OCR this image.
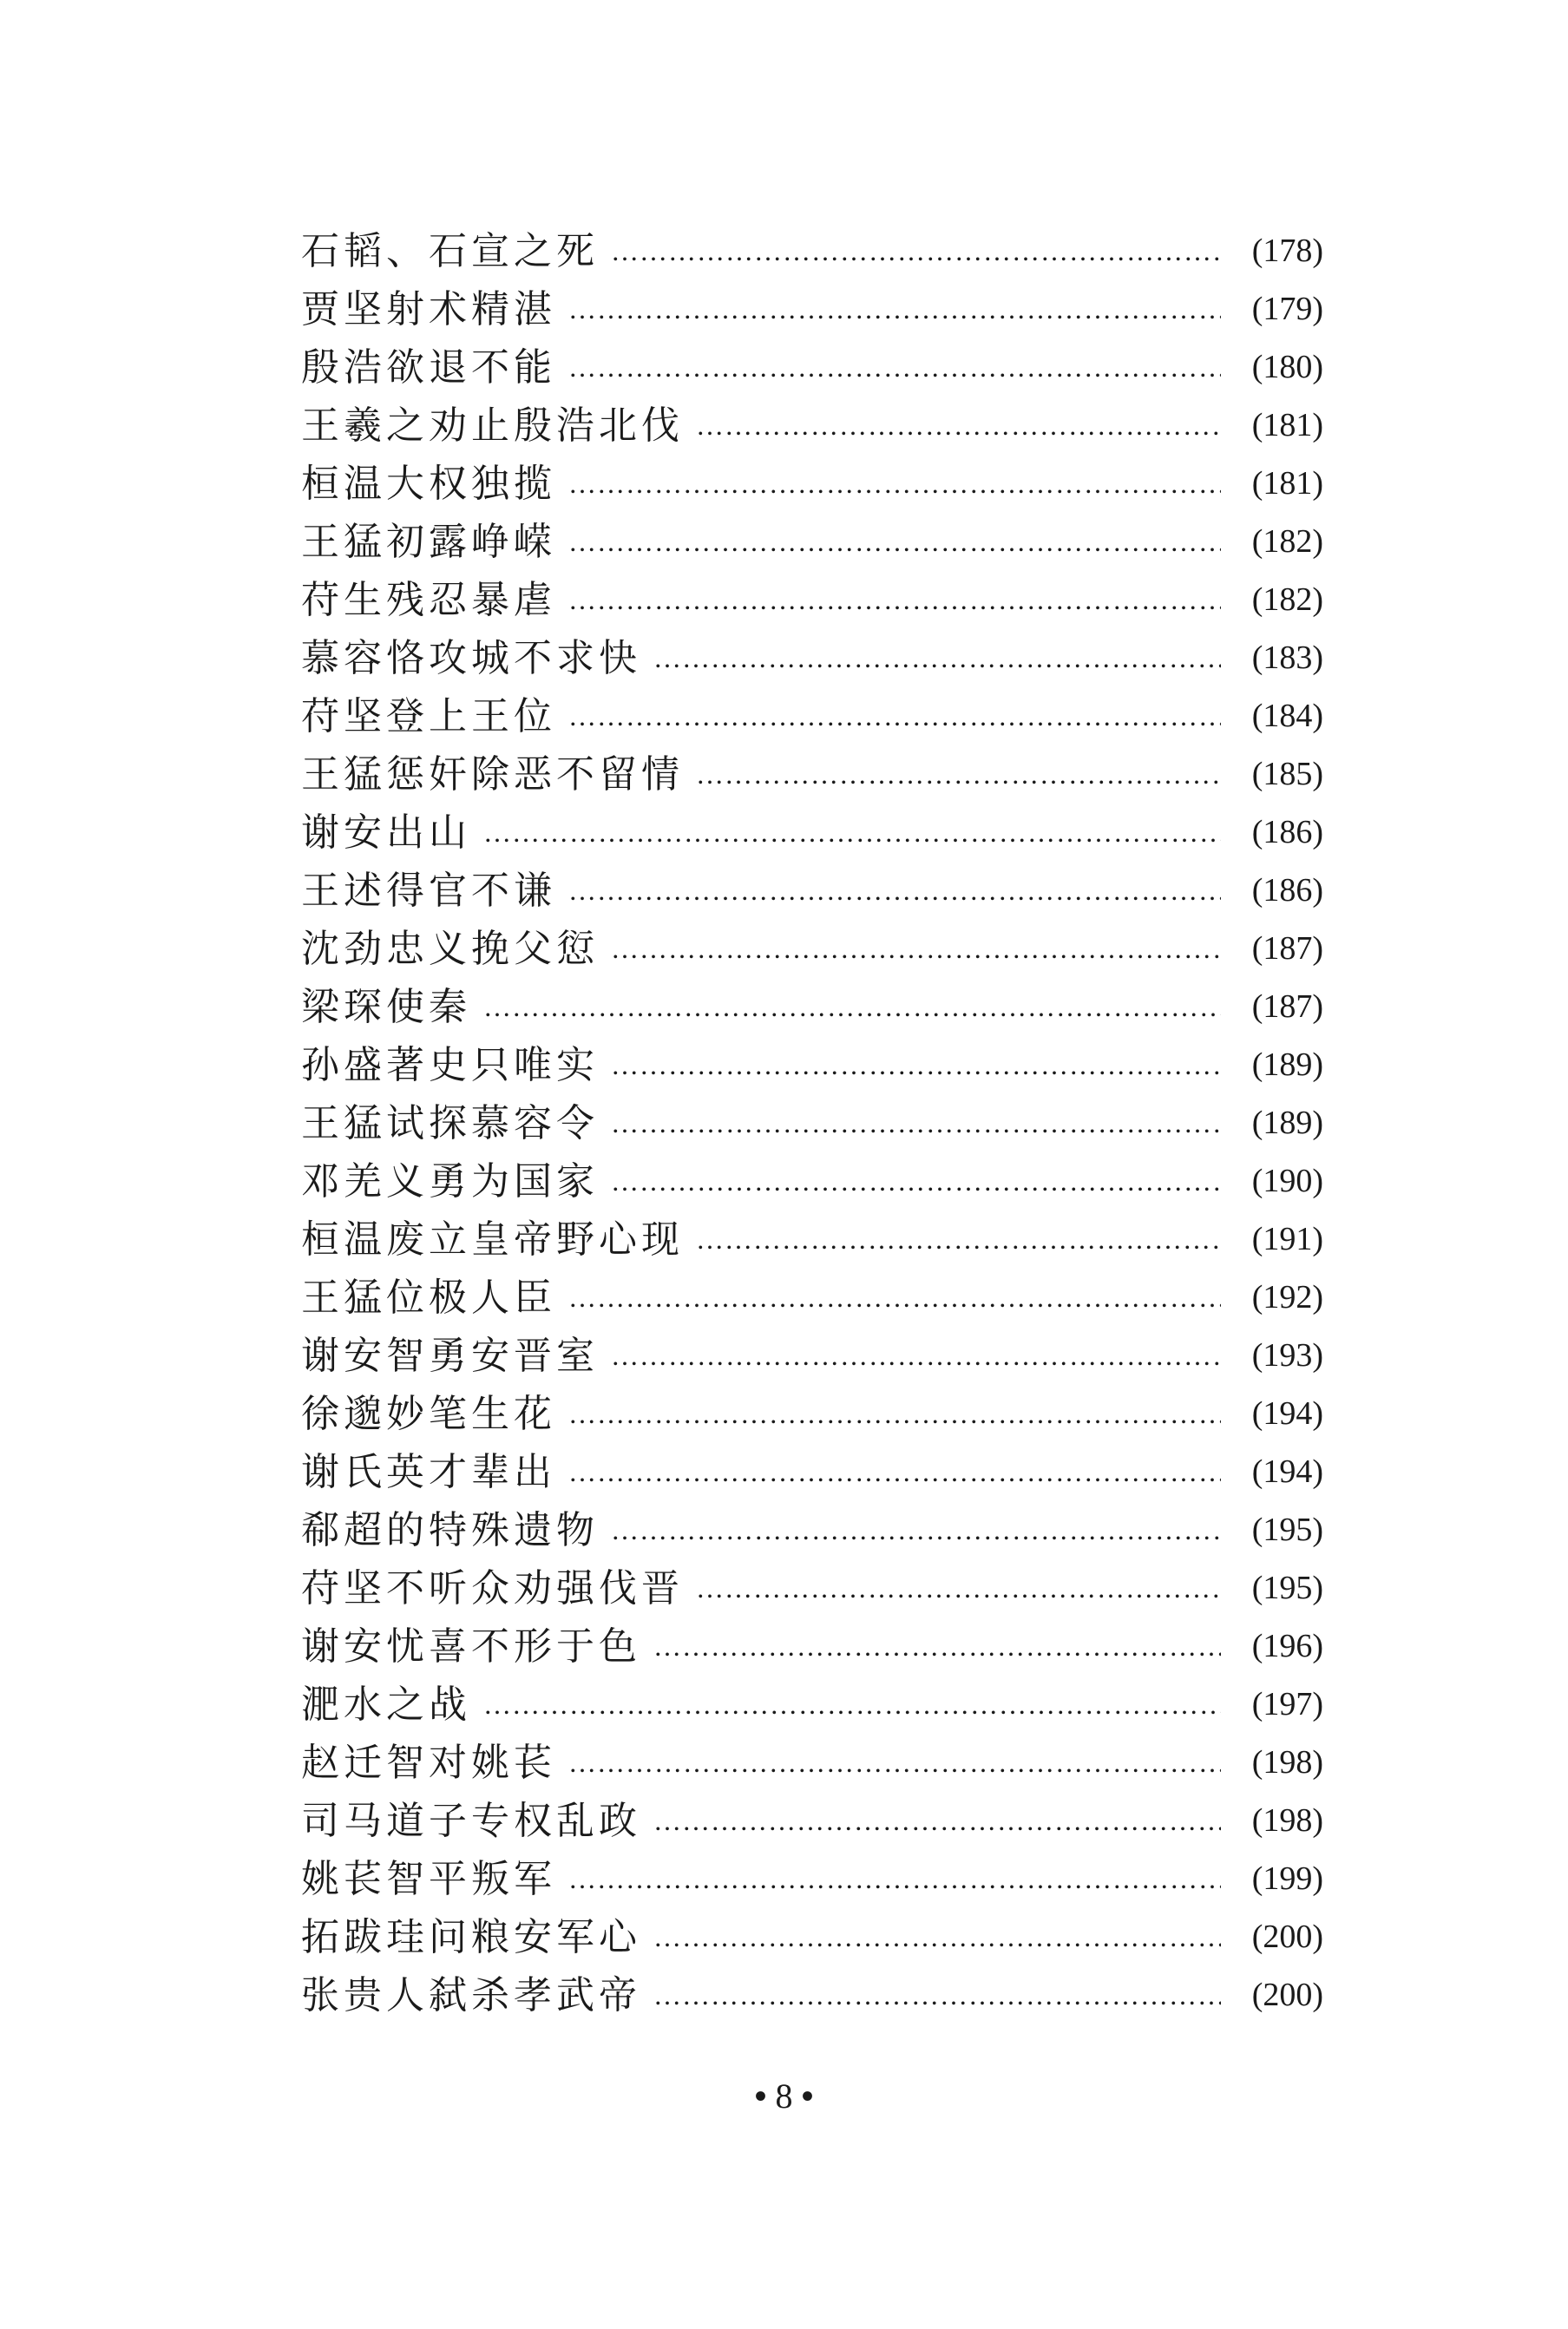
石韬、石宣之死 ……………………………………………………………………………………………………………………………………………………………………	(178)
贾坚射术精湛 ……………………………………………………………………………………………………………………………………………………………………	(179)
殷浩欲退不能 ……………………………………………………………………………………………………………………………………………………………………	(180)
王羲之劝止殷浩北伐 ……………………………………………………………………………………………………………………………………………………………………	(181)
桓温大权独揽 ……………………………………………………………………………………………………………………………………………………………………	(181)
王猛初露峥嵘 ……………………………………………………………………………………………………………………………………………………………………	(182)
苻生残忍暴虐 ……………………………………………………………………………………………………………………………………………………………………	(182)
慕容恪攻城不求快 ……………………………………………………………………………………………………………………………………………………………………	(183)
苻坚登上王位 ……………………………………………………………………………………………………………………………………………………………………	(184)
王猛惩奸除恶不留情 ……………………………………………………………………………………………………………………………………………………………………	(185)
谢安出山 ……………………………………………………………………………………………………………………………………………………………………	(186)
王述得官不谦 ……………………………………………………………………………………………………………………………………………………………………	(186)
沈劲忠义挽父愆 ……………………………………………………………………………………………………………………………………………………………………	(187)
梁琛使秦 ……………………………………………………………………………………………………………………………………………………………………	(187)
孙盛著史只唯实 ……………………………………………………………………………………………………………………………………………………………………	(189)
王猛试探慕容令 ……………………………………………………………………………………………………………………………………………………………………	(189)
邓羌义勇为国家 ……………………………………………………………………………………………………………………………………………………………………	(190)
桓温废立皇帝野心现 ……………………………………………………………………………………………………………………………………………………………………	(191)
王猛位极人臣 ……………………………………………………………………………………………………………………………………………………………………	(192)
谢安智勇安晋室 ……………………………………………………………………………………………………………………………………………………………………	(193)
徐邈妙笔生花 ……………………………………………………………………………………………………………………………………………………………………	(194)
谢氏英才辈出 ……………………………………………………………………………………………………………………………………………………………………	(194)
郗超的特殊遗物 ……………………………………………………………………………………………………………………………………………………………………	(195)
苻坚不听众劝强伐晋 ……………………………………………………………………………………………………………………………………………………………………	(195)
谢安忧喜不形于色 ……………………………………………………………………………………………………………………………………………………………………	(196)
淝水之战 ……………………………………………………………………………………………………………………………………………………………………	(197)
赵迁智对姚苌 ……………………………………………………………………………………………………………………………………………………………………	(198)
司马道子专权乱政 ……………………………………………………………………………………………………………………………………………………………………	(198)
姚苌智平叛军 ……………………………………………………………………………………………………………………………………………………………………	(199)
拓跋珪问粮安军心 ……………………………………………………………………………………………………………………………………………………………………	(200)
张贵人弑杀孝武帝 ……………………………………………………………………………………………………………………………………………………………………	(200)
• 8 •
